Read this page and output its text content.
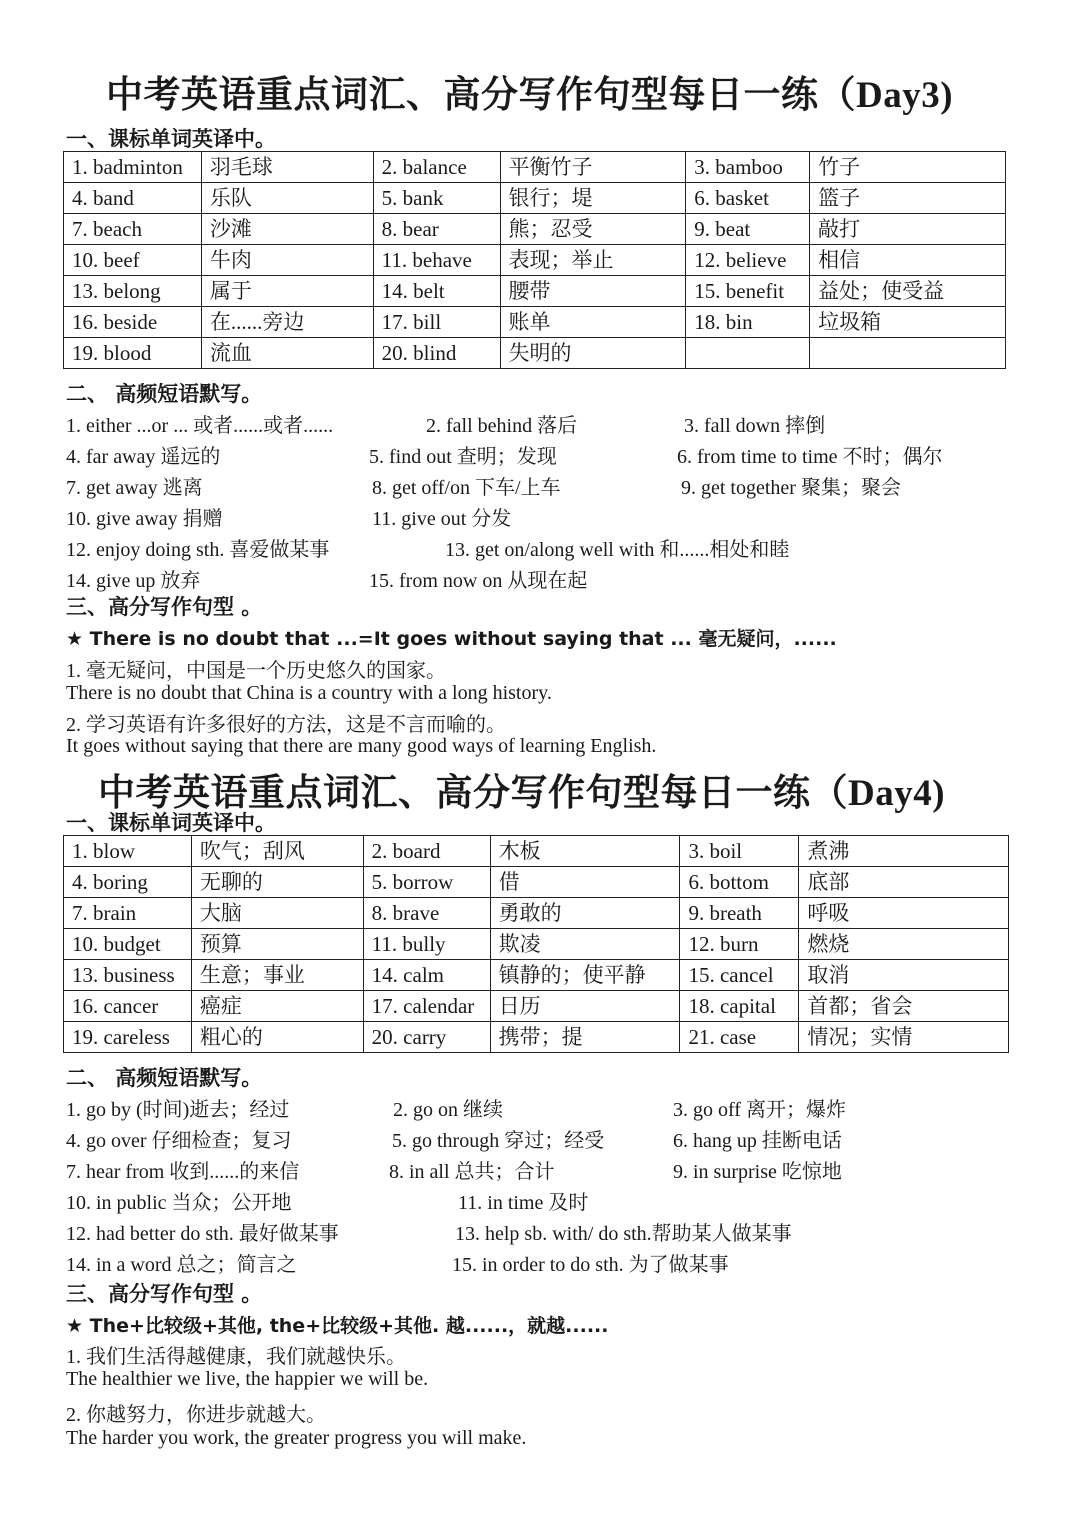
中考英语重点词汇、高分写作句型每日一练（Day3)
一、课标单词英译中。
1. badminton	羽毛球	2. balance	平衡竹子	3. bamboo	竹子
4. band	乐队	5. bank	银行；堤	6. basket	篮子
7. beach	沙滩	8. bear	熊；忍受	9. beat	敲打
10. beef	牛肉	11. behave	表现；举止	12. believe	相信
13. belong	属于	14. belt	腰带	15. benefit	益处；使受益
16. beside	在......旁边	17. bill	账单	18. bin	垃圾箱
19. blood	流血	20. blind	失明的		
二、 高频短语默写。
1. either ...or ... 或者......或者......	2. fall behind 落后	3. fall down 摔倒
4. far away 遥远的	5. find out 查明；发现	6. from time to time 不时；偶尔
7. get away 逃离	8. get off/on 下车/上车	9. get together 聚集；聚会
10. give away 捐赠	11. give out 分发
12. enjoy doing sth. 喜爱做某事	13. get on/along well with 和......相处和睦
14. give up 放弃	15. from now on 从现在起
三、高分写作句型 。
★ There is no doubt that ...=It goes without saying that ... 毫无疑问，......
1. 毫无疑问，中国是一个历史悠久的国家。
There is no doubt that China is a country with a long history.
2. 学习英语有许多很好的方法，这是不言而喻的。
It goes without saying that there are many good ways of learning English.
中考英语重点词汇、高分写作句型每日一练（Day4)
一、课标单词英译中。
1. blow	吹气；刮风	2. board	木板	3. boil	煮沸
4. boring	无聊的	5. borrow	借	6. bottom	底部
7. brain	大脑	8. brave	勇敢的	9. breath	呼吸
10. budget	预算	11. bully	欺凌	12. burn	燃烧
13. business	生意；事业	14. calm	镇静的；使平静	15. cancel	取消
16. cancer	癌症	17. calendar	日历	18. capital	首都；省会
19. careless	粗心的	20. carry	携带；提	21. case	情况；实情
二、 高频短语默写。
1. go by (时间)逝去；经过	2. go on 继续	3. go off 离开；爆炸
4. go over 仔细检查；复习	5. go through 穿过；经受	6. hang up 挂断电话
7. hear from 收到......的来信	8. in all 总共；合计	9. in surprise 吃惊地
10. in public 当众；公开地	11. in time 及时
12. had better do sth. 最好做某事	13. help sb. with/ do sth.帮助某人做某事
14. in a word 总之；简言之	15. in order to do sth. 为了做某事
三、高分写作句型 。
★ The+比较级+其他, the+比较级+其他. 越......，就越......
1. 我们生活得越健康，我们就越快乐。
The healthier we live, the happier we will be.
2. 你越努力，你进步就越大。
The harder you work, the greater progress you will make.
